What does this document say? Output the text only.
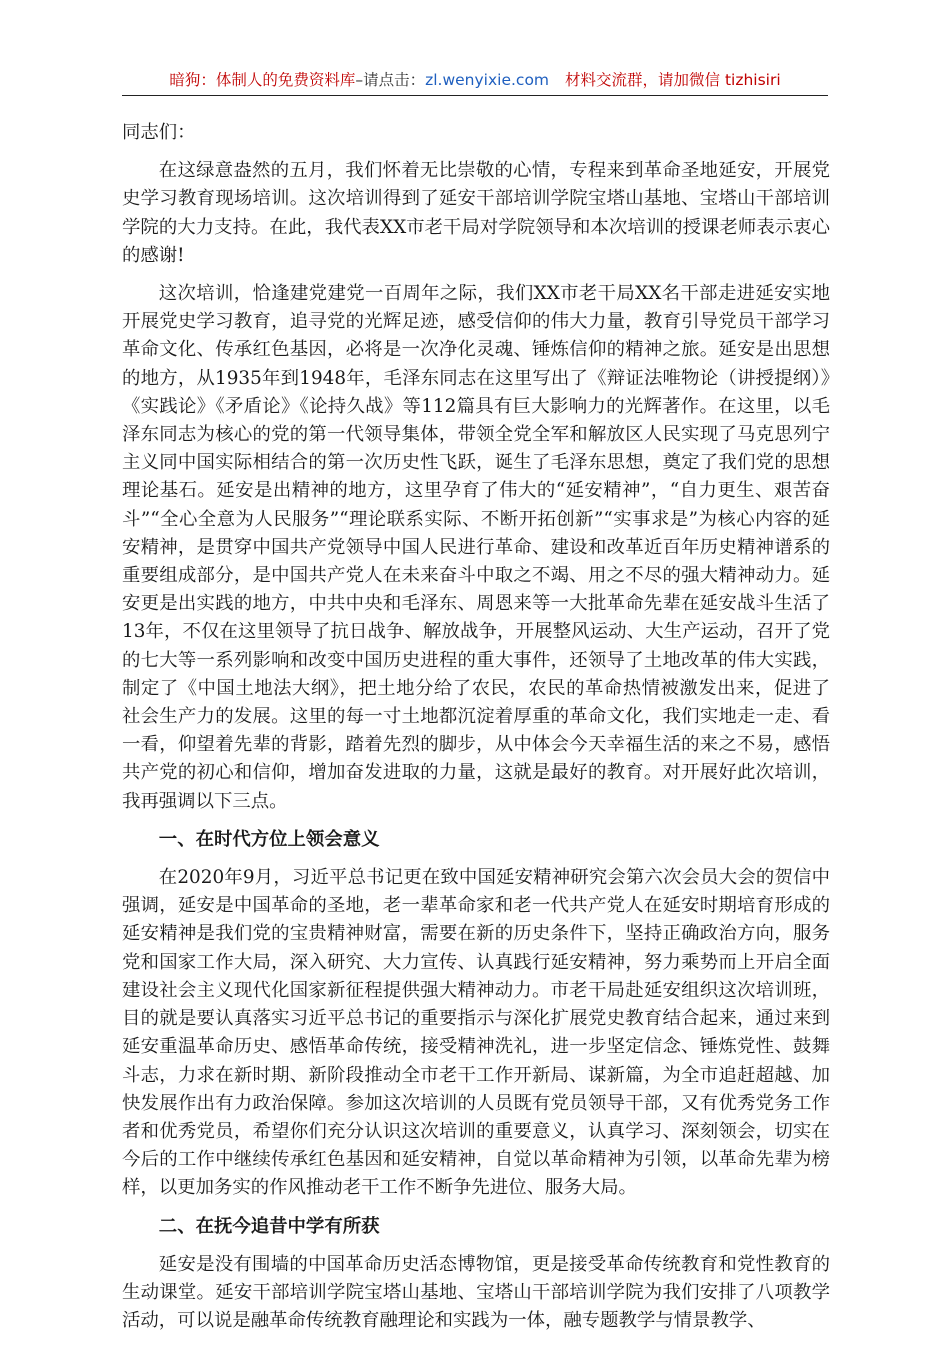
暗狗：体制人的免费资料库–请点击：zl.wenyixie.com 材料交流群，请加微信 tizhisiri

同志们：

在这绿意盎然的五月，我们怀着无比崇敬的心情，专程来到革命圣地延安，开展党史学习教育现场培训。这次培训得到了延安干部培训学院宝塔山基地、宝塔山干部培训学院的大力支持。在此，我代表XX市老干局对学院领导和本次培训的授课老师表示衷心的感谢!

这次培训，恰逢建党建党一百周年之际，我们XX市老干局XX名干部走进延安实地开展党史学习教育，追寻党的光辉足迹，感受信仰的伟大力量，教育引导党员干部学习革命文化、传承红色基因，必将是一次净化灵魂、锤炼信仰的精神之旅。延安是出思想的地方，从1935年到1948年，毛泽东同志在这里写出了《辩证法唯物论（讲授提纲）》《实践论》《矛盾论》《论持久战》等112篇具有巨大影响力的光辉著作。在这里，以毛泽东同志为核心的党的第一代领导集体，带领全党全军和解放区人民实现了马克思列宁主义同中国实际相结合的第一次历史性飞跃，诞生了毛泽东思想，奠定了我们党的思想理论基石。延安是出精神的地方，这里孕育了伟大的“延安精神”，“自力更生、艰苦奋斗”“全心全意为人民服务”“理论联系实际、不断开拓创新”“实事求是”为核心内容的延安精神，是贯穿中国共产党领导中国人民进行革命、建设和改革近百年历史精神谱系的重要组成部分，是中国共产党人在未来奋斗中取之不竭、用之不尽的强大精神动力。延安更是出实践的地方，中共中央和毛泽东、周恩来等一大批革命先辈在延安战斗生活了13年，不仅在这里领导了抗日战争、解放战争，开展整风运动、大生产运动，召开了党的七大等一系列影响和改变中国历史进程的重大事件，还领导了土地改革的伟大实践，制定了《中国土地法大纲》，把土地分给了农民，农民的革命热情被激发出来，促进了社会生产力的发展。这里的每一寸土地都沉淀着厚重的革命文化，我们实地走一走、看一看，仰望着先辈的背影，踏着先烈的脚步，从中体会今天幸福生活的来之不易，感悟共产党的初心和信仰，增加奋发进取的力量，这就是最好的教育。对开展好此次培训，我再强调以下三点。

一、在时代方位上领会意义

在2020年9月，习近平总书记更在致中国延安精神研究会第六次会员大会的贺信中强调，延安是中国革命的圣地，老一辈革命家和老一代共产党人在延安时期培育形成的延安精神是我们党的宝贵精神财富，需要在新的历史条件下，坚持正确政治方向，服务党和国家工作大局，深入研究、大力宣传、认真践行延安精神，努力乘势而上开启全面建设社会主义现代化国家新征程提供强大精神动力。市老干局赴延安组织这次培训班，目的就是要认真落实习近平总书记的重要指示与深化扩展党史教育结合起来，通过来到延安重温革命历史、感悟革命传统，接受精神洗礼，进一步坚定信念、锤炼党性、鼓舞斗志，力求在新时期、新阶段推动全市老干工作开新局、谋新篇，为全市追赶超越、加快发展作出有力政治保障。参加这次培训的人员既有党员领导干部，又有优秀党务工作者和优秀党员，希望你们充分认识这次培训的重要意义，认真学习、深刻领会，切实在今后的工作中继续传承红色基因和延安精神，自觉以革命精神为引领，以革命先辈为榜样，以更加务实的作风推动老干工作不断争先进位、服务大局。

二、在抚今追昔中学有所获

延安是没有围墙的中国革命历史活态博物馆，更是接受革命传统教育和党性教育的生动课堂。延安干部培训学院宝塔山基地、宝塔山干部培训学院为我们安排了八项教学活动，可以说是融革命传统教育融理论和实践为一体，融专题教学与情景教学、
